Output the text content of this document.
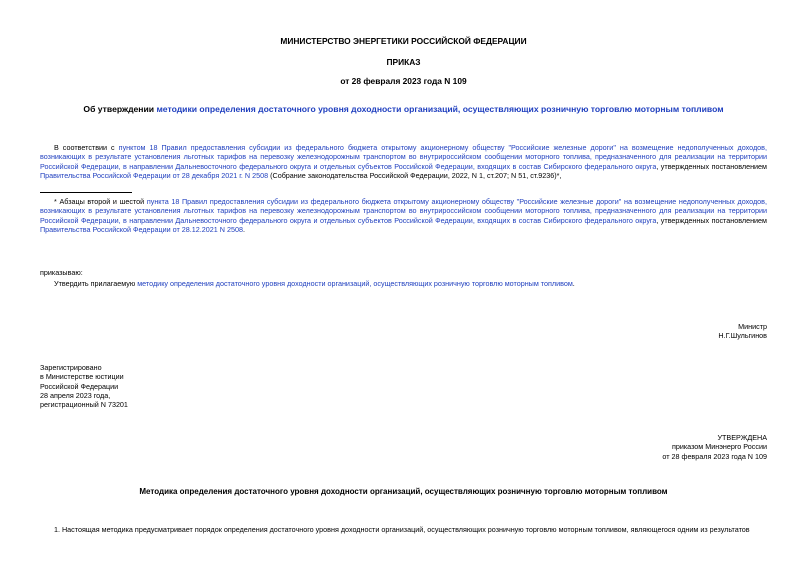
МИНИСТЕРСТВО ЭНЕРГЕТИКИ РОССИЙСКОЙ ФЕДЕРАЦИИ
ПРИКАЗ
от 28 февраля 2023 года N 109
Об утверждении методики определения достаточного уровня доходности организаций, осуществляющих розничную торговлю моторным топливом
В соответствии с пунктом 18 Правил предоставления субсидии из федерального бюджета открытому акционерному обществу "Российские железные дороги" на возмещение недополученных доходов, возникающих в результате установления льготных тарифов на перевозку железнодорожным транспортом во внутрироссийском сообщении моторного топлива, предназначенного для реализации на территории Российской Федерации, в направлении Дальневосточного федерального округа и отдельных субъектов Российской Федерации, входящих в состав Сибирского федерального округа, утвержденных постановлением Правительства Российской Федерации от 28 декабря 2021 г. N 2508 (Собрание законодательства Российской Федерации, 2022, N 1, ст.207; N 51, ст.9236)*,
* Абзацы второй и шестой пункта 18 Правил предоставления субсидии из федерального бюджета открытому акционерному обществу "Российские железные дороги" на возмещение недополученных доходов, возникающих в результате установления льготных тарифов на перевозку железнодорожным транспортом во внутрироссийском сообщении моторного топлива, предназначенного для реализации на территории Российской Федерации, в направлении Дальневосточного федерального округа и отдельных субъектов Российской Федерации, входящих в состав Сибирского федерального округа, утвержденных постановлением Правительства Российской Федерации от 28.12.2021 N 2508.
приказываю:
Утвердить прилагаемую методику определения достаточного уровня доходности организаций, осуществляющих розничную торговлю моторным топливом.
Министр
Н.Г.Шульгинов
Зарегистрировано
в Министерстве юстиции
Российской Федерации
28 апреля 2023 года,
регистрационный N 73201
УТВЕРЖДЕНА
приказом Минэнерго России
от 28 февраля 2023 года N 109
Методика определения достаточного уровня доходности организаций, осуществляющих розничную торговлю моторным топливом
1. Настоящая методика предусматривает порядок определения достаточного уровня доходности организаций, осуществляющих розничную торговлю моторным топливом, являющегося одним из результатов
